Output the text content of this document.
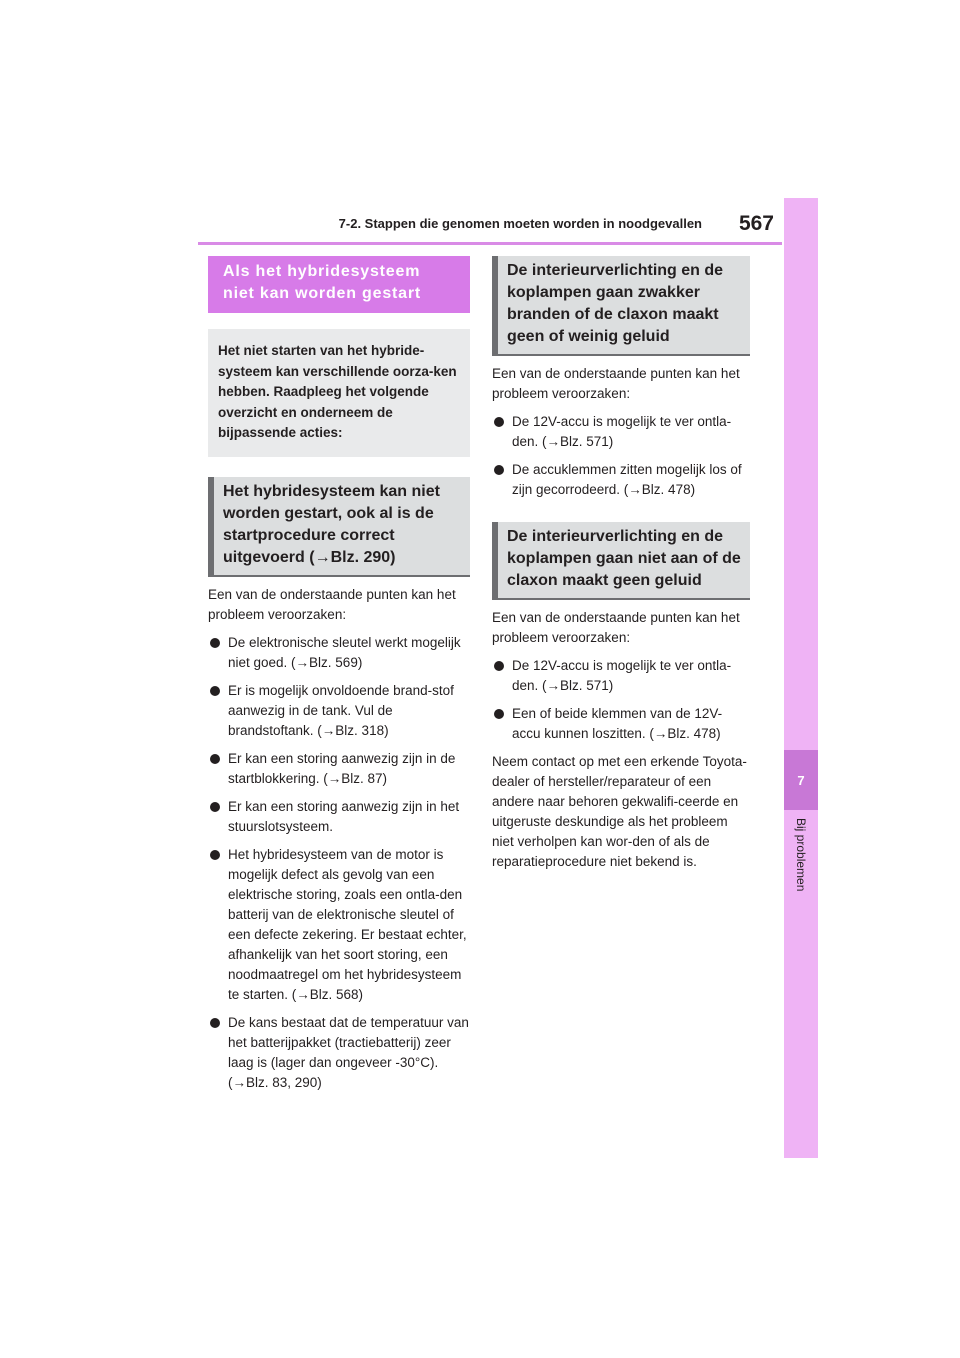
7-2. Stappen die genomen moeten worden in noodgevallen	567
7
Bij problemen
Als het hybridesysteem niet kan worden gestart
Het niet starten van het hybride-systeem kan verschillende oorza-ken hebben. Raadpleeg het volgende overzicht en onderneem de bijpassende acties:
Het hybridesysteem kan niet worden gestart, ook al is de startprocedure correct uitgevoerd (→Blz. 290)

Een van de onderstaande punten kan het probleem veroorzaken:

De elektronische sleutel werkt mogelijk niet goed. (→Blz. 569)
Er is mogelijk onvoldoende brand-stof aanwezig in de tank. Vul de brandstoftank. (→Blz. 318)
Er kan een storing aanwezig zijn in de startblokkering. (→Blz. 87)
Er kan een storing aanwezig zijn in het stuurslotsysteem.
Het hybridesysteem van de motor is mogelijk defect als gevolg van een elektrische storing, zoals een ontla-den batterij van de elektronische sleutel of een defecte zekering. Er bestaat echter, afhankelijk van het soort storing, een noodmaatregel om het hybridesysteem te starten. (→Blz. 568)
De kans bestaat dat de temperatuur van het batterijpakket (tractiebatterij) zeer laag is (lager dan ongeveer -30°C). (→Blz. 83, 290)
De interieurverlichting en de koplampen gaan zwakker branden of de claxon maakt geen of weinig geluid

Een van de onderstaande punten kan het probleem veroorzaken:

De 12V-accu is mogelijk te ver ontla-den. (→Blz. 571)
De accuklemmen zitten mogelijk los of zijn gecorrodeerd. (→Blz. 478)
De interieurverlichting en de koplampen gaan niet aan of de claxon maakt geen geluid

Een van de onderstaande punten kan het probleem veroorzaken:

De 12V-accu is mogelijk te ver ontla-den. (→Blz. 571)
Een of beide klemmen van de 12V-accu kunnen loszitten. (→Blz. 478)

Neem contact op met een erkende Toyota-dealer of hersteller/reparateur of een andere naar behoren gekwalifi-ceerde en uitgeruste deskundige als het probleem niet verholpen kan wor-den of als de reparatieprocedure niet bekend is.
